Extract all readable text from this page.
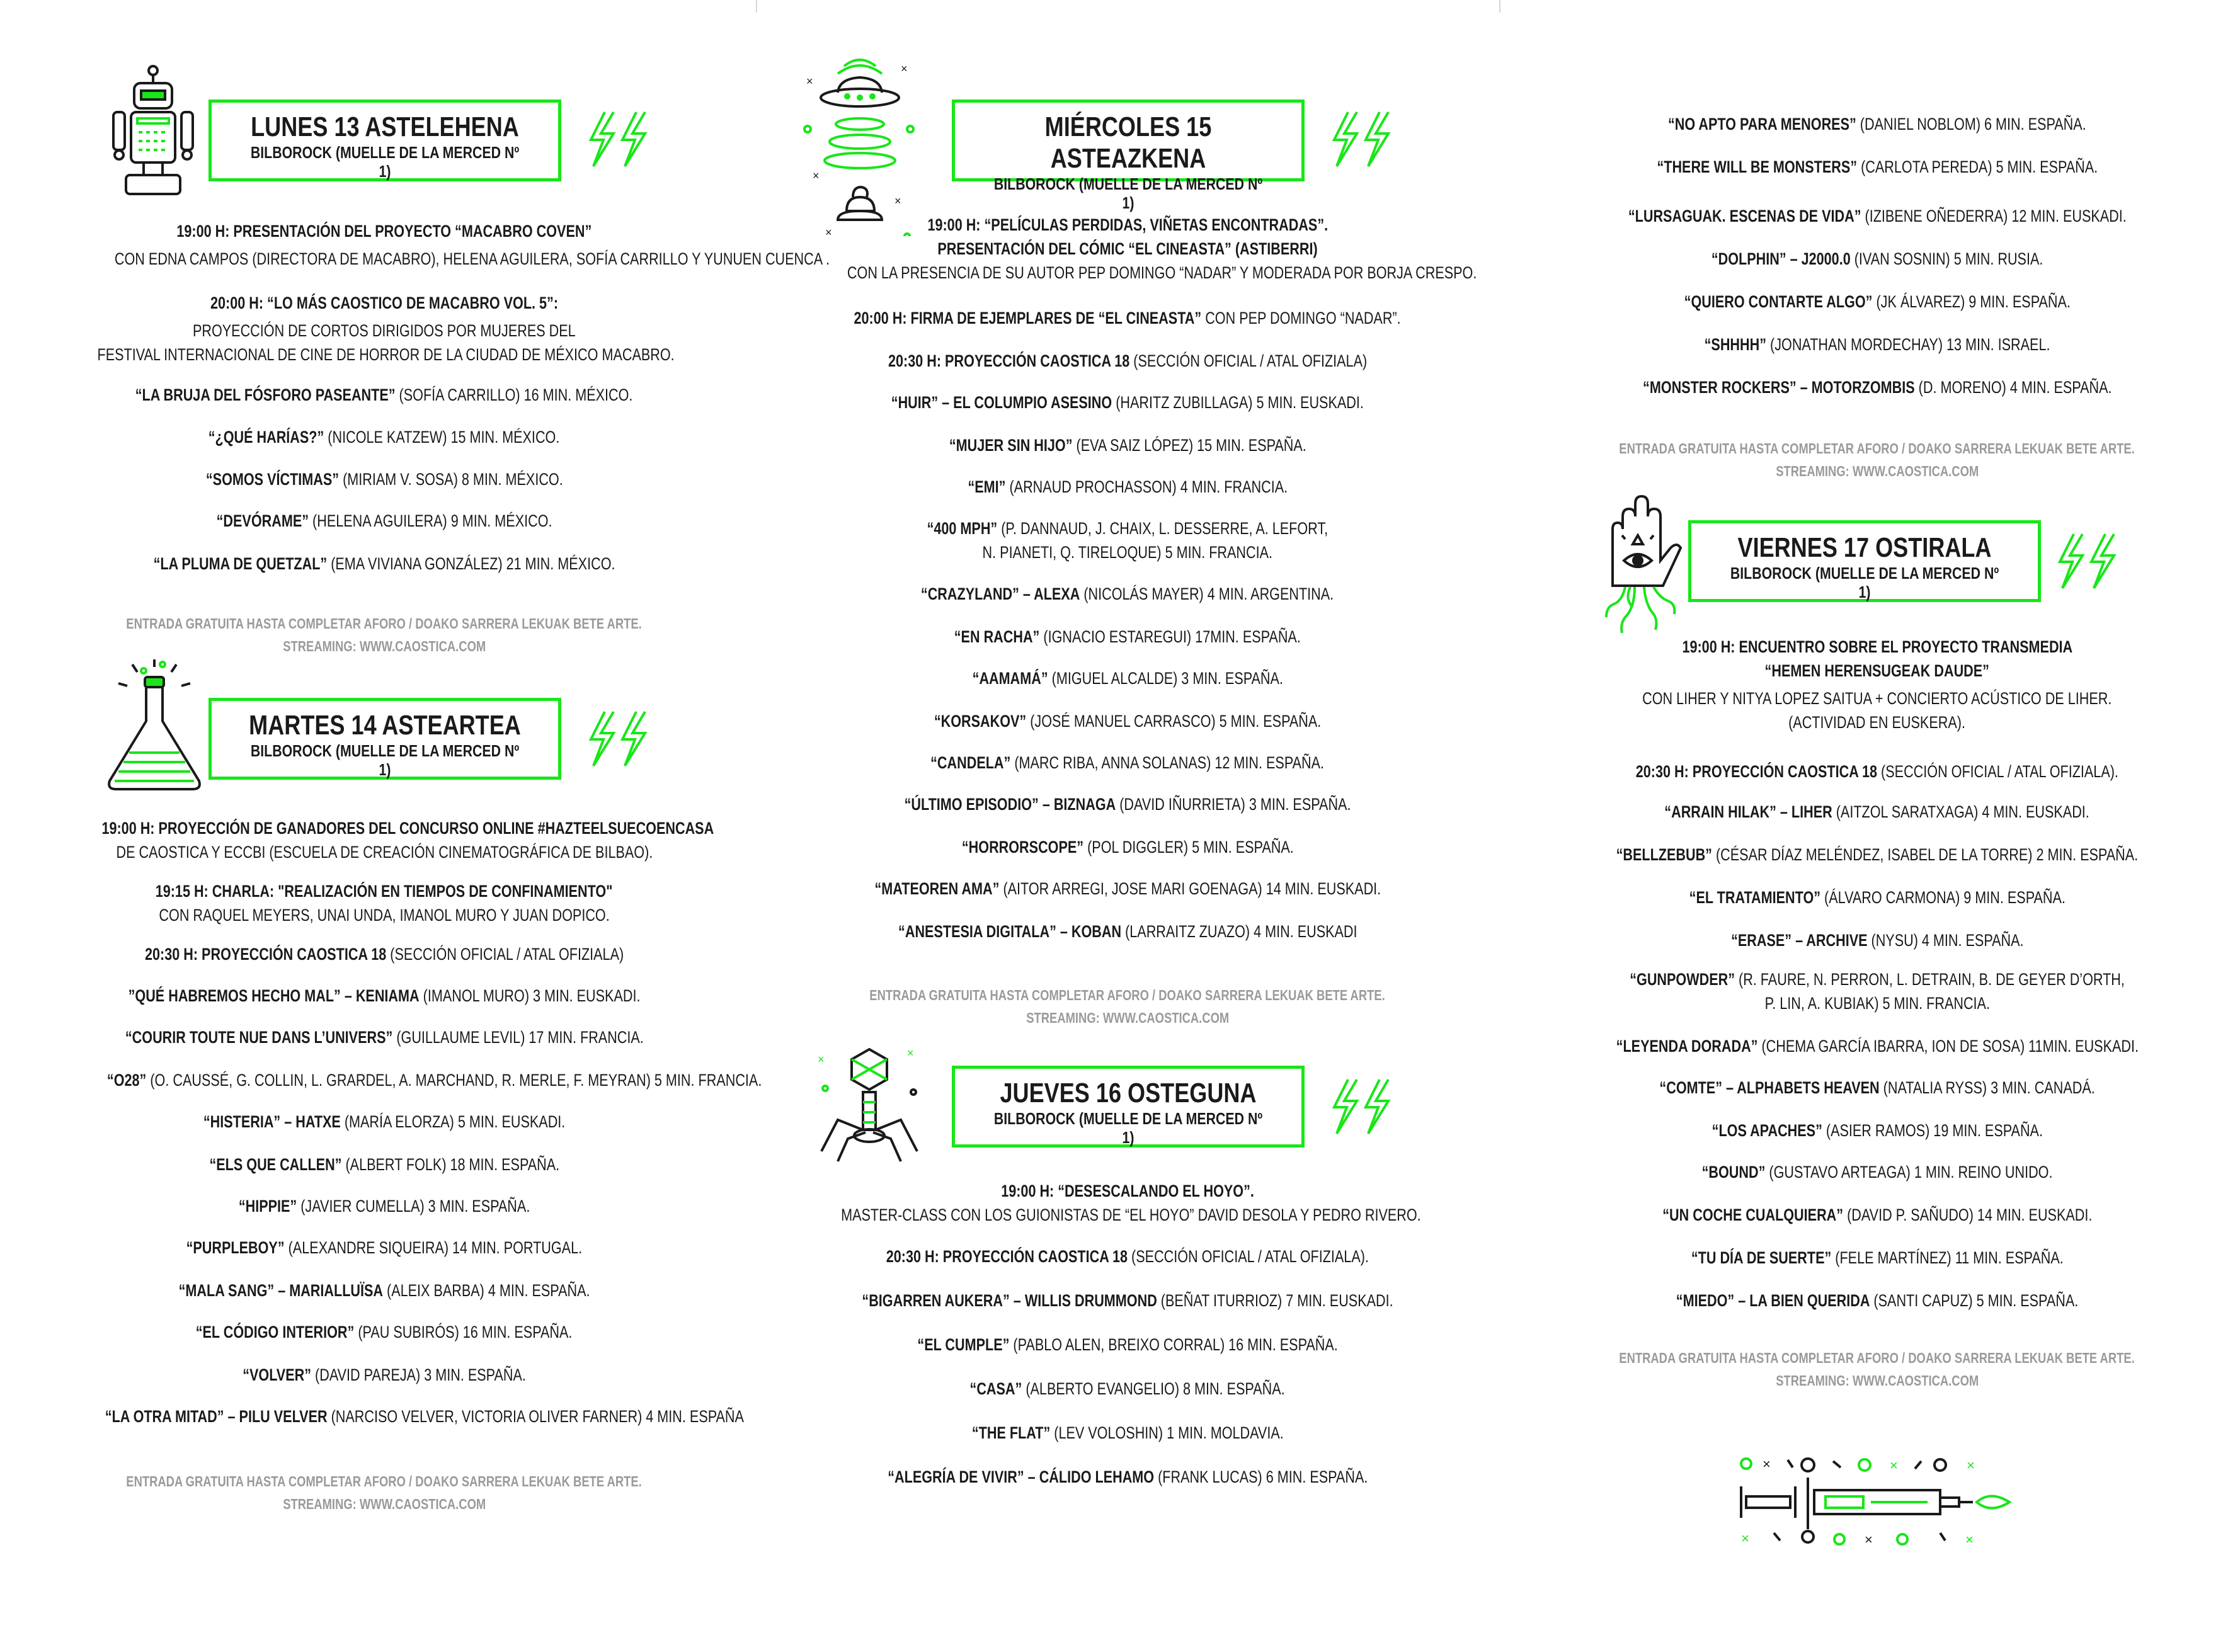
LUNES 13 ASTELEHENA
BILBOROCK (MUELLE DE LA MERCED Nº 1)
19:00 H: PRESENTACIÓN DEL PROYECTO “MACABRO COVEN”
CON EDNA CAMPOS (DIRECTORA DE MACABRO), HELENA AGUILERA, SOFÍA CARRILLO Y YUNUEN CUENCA .
20:00 H: “LO MÁS CAOSTICO DE MACABRO VOL. 5”:
PROYECCIÓN DE CORTOS DIRIGIDOS POR MUJERES DEL
FESTIVAL INTERNACIONAL DE CINE DE HORROR DE LA CIUDAD DE MÉXICO MACABRO.
“LA BRUJA DEL FÓSFORO PASEANTE” (SOFÍA CARRILLO) 16 MIN. MÉXICO.
“¿QUÉ HARÍAS?” (NICOLE KATZEW) 15 MIN. MÉXICO.
“SOMOS VÍCTIMAS” (MIRIAM V. SOSA) 8 MIN. MÉXICO.
“DEVÓRAME” (HELENA AGUILERA) 9 MIN. MÉXICO.
“LA PLUMA DE QUETZAL” (EMA VIVIANA GONZÁLEZ) 21 MIN. MÉXICO.
ENTRADA GRATUITA HASTA COMPLETAR AFORO / DOAKO SARRERA LEKUAK BETE ARTE.
STREAMING: WWW.CAOSTICA.COM
MARTES 14 ASTEARTEA
BILBOROCK (MUELLE DE LA MERCED Nº 1)
19:00 H: PROYECCIÓN DE GANADORES DEL CONCURSO ONLINE #HAZTEELSUECOENCASA
DE CAOSTICA Y ECCBI (ESCUELA DE CREACIÓN CINEMATOGRÁFICA DE BILBAO).
19:15 H: CHARLA: "REALIZACIÓN EN TIEMPOS DE CONFINAMIENTO"
CON RAQUEL MEYERS, UNAI UNDA, IMANOL MURO Y JUAN DOPICO.
20:30 H: PROYECCIÓN CAOSTICA 18 (SECCIÓN OFICIAL / ATAL OFIZIALA)
”QUÉ HABREMOS HECHO MAL” – KENIAMA (IMANOL MURO) 3 MIN. EUSKADI.
“COURIR TOUTE NUE DANS L’UNIVERS” (GUILLAUME LEVIL) 17 MIN. FRANCIA.
“O28” (O. CAUSSÉ, G. COLLIN, L. GRARDEL, A. MARCHAND, R. MERLE, F. MEYRAN) 5 MIN. FRANCIA.
“HISTERIA” – HATXE (MARÍA ELORZA) 5 MIN. EUSKADI.
“ELS QUE CALLEN” (ALBERT FOLK) 18 MIN. ESPAÑA.
“HIPPIE” (JAVIER CUMELLA) 3 MIN. ESPAÑA.
“PURPLEBOY” (ALEXANDRE SIQUEIRA) 14 MIN. PORTUGAL.
“MALA SANG” – MARIALLUÏSA (ALEIX BARBA) 4 MIN. ESPAÑA.
“EL CÓDIGO INTERIOR” (PAU SUBIRÓS) 16 MIN. ESPAÑA.
“VOLVER” (DAVID PAREJA) 3 MIN. ESPAÑA.
“LA OTRA MITAD” – PILU VELVER (NARCISO VELVER, VICTORIA OLIVER FARNER) 4 MIN. ESPAÑA
ENTRADA GRATUITA HASTA COMPLETAR AFORO / DOAKO SARRERA LEKUAK BETE ARTE.
STREAMING: WWW.CAOSTICA.COM
×
×
×
×
×
MIÉRCOLES 15 ASTEAZKENA
BILBOROCK (MUELLE DE LA MERCED Nº 1)
19:00 H: “PELÍCULAS PERDIDAS, VIÑETAS ENCONTRADAS”.
PRESENTACIÓN DEL CÓMIC “EL CINEASTA” (ASTIBERRI)
CON LA PRESENCIA DE SU AUTOR PEP DOMINGO “NADAR” Y MODERADA POR BORJA CRESPO.
20:00 H: FIRMA DE EJEMPLARES DE “EL CINEASTA” CON PEP DOMINGO “NADAR”.
20:30 H: PROYECCIÓN CAOSTICA 18 (SECCIÓN OFICIAL / ATAL OFIZIALA)
“HUIR” – EL COLUMPIO ASESINO (HARITZ ZUBILLAGA) 5 MIN. EUSKADI.
“MUJER SIN HIJO” (EVA SAIZ LÓPEZ) 15 MIN. ESPAÑA.
“EMI” (ARNAUD PROCHASSON) 4 MIN. FRANCIA.
“400 MPH” (P. DANNAUD, J. CHAIX, L. DESSERRE, A. LEFORT,
N. PIANETI, Q. TIRELOQUE) 5 MIN. FRANCIA.
“CRAZYLAND” – ALEXA (NICOLÁS MAYER) 4 MIN. ARGENTINA.
“EN RACHA” (IGNACIO ESTAREGUI) 17MIN. ESPAÑA.
“AAMAMÁ” (MIGUEL ALCALDE) 3 MIN. ESPAÑA.
“KORSAKOV” (JOSÉ MANUEL CARRASCO) 5 MIN. ESPAÑA.
“CANDELA” (MARC RIBA, ANNA SOLANAS) 12 MIN. ESPAÑA.
“ÚLTIMO EPISODIO” – BIZNAGA (DAVID IÑURRIETA) 3 MIN. ESPAÑA.
“HORRORSCOPE” (POL DIGGLER) 5 MIN. ESPAÑA.
“MATEOREN AMA” (AITOR ARREGI, JOSE MARI GOENAGA) 14 MIN. EUSKADI.
“ANESTESIA DIGITALA” – KOBAN (LARRAITZ ZUAZO) 4 MIN. EUSKADI
ENTRADA GRATUITA HASTA COMPLETAR AFORO / DOAKO SARRERA LEKUAK BETE ARTE.
STREAMING: WWW.CAOSTICA.COM
×	×
JUEVES 16 OSTEGUNA
BILBOROCK (MUELLE DE LA MERCED Nº 1)
19:00 H: “DESESCALANDO EL HOYO”.
MASTER-CLASS CON LOS GUIONISTAS DE “EL HOYO” DAVID DESOLA Y PEDRO RIVERO.
20:30 H: PROYECCIÓN CAOSTICA 18 (SECCIÓN OFICIAL / ATAL OFIZIALA).
“BIGARREN AUKERA” – WILLIS DRUMMOND (BEÑAT ITURRIOZ) 7 MIN. EUSKADI.
“EL CUMPLE” (PABLO ALEN, BREIXO CORRAL) 16 MIN. ESPAÑA.
“CASA” (ALBERTO EVANGELIO) 8 MIN. ESPAÑA.
“THE FLAT” (LEV VOLOSHIN) 1 MIN. MOLDAVIA.
“ALEGRÍA DE VIVIR” – CÁLIDO LEHAMO (FRANK LUCAS) 6 MIN. ESPAÑA.
“NO APTO PARA MENORES” (DANIEL NOBLOM) 6 MIN. ESPAÑA.
“THERE WILL BE MONSTERS” (CARLOTA PEREDA) 5 MIN. ESPAÑA.
“LURSAGUAK. ESCENAS DE VIDA” (IZIBENE OÑEDERRA) 12 MIN. EUSKADI.
“DOLPHIN” – J2000.0 (IVAN SOSNIN) 5 MIN. RUSIA.
“QUIERO CONTARTE ALGO” (JK ÁLVAREZ) 9 MIN. ESPAÑA.
“SHHHH” (JONATHAN MORDECHAY) 13 MIN. ISRAEL.
“MONSTER ROCKERS” – MOTORZOMBIS (D. MORENO) 4 MIN. ESPAÑA.
ENTRADA GRATUITA HASTA COMPLETAR AFORO / DOAKO SARRERA LEKUAK BETE ARTE.
STREAMING: WWW.CAOSTICA.COM
VIERNES 17 OSTIRALA
BILBOROCK (MUELLE DE LA MERCED Nº 1)
19:00 H: ENCUENTRO SOBRE EL PROYECTO TRANSMEDIA
“HEMEN HERENSUGEAK DAUDE”
CON LIHER Y NITYA LOPEZ SAITUA + CONCIERTO ACÚSTICO DE LIHER.
(ACTIVIDAD EN EUSKERA).
20:30 H: PROYECCIÓN CAOSTICA 18 (SECCIÓN OFICIAL / ATAL OFIZIALA).
“ARRAIN HILAK” – LIHER (AITZOL SARATXAGA) 4 MIN. EUSKADI.
“BELLZEBUB” (CÉSAR DÍAZ MELÉNDEZ, ISABEL DE LA TORRE) 2 MIN. ESPAÑA.
“EL TRATAMIENTO” (ÁLVARO CARMONA) 9 MIN. ESPAÑA.
“ERASE” – ARCHIVE (NYSU) 4 MIN. ESPAÑA.
“GUNPOWDER” (R. FAURE, N. PERRON, L. DETRAIN, B. DE GEYER D’ORTH,
P. LIN, A. KUBIAK) 5 MIN. FRANCIA.
“LEYENDA DORADA” (CHEMA GARCÍA IBARRA, ION DE SOSA) 11MIN. EUSKADI.
“COMTE” – ALPHABETS HEAVEN (NATALIA RYSS) 3 MIN. CANADÁ.
“LOS APACHES” (ASIER RAMOS) 19 MIN. ESPAÑA.
“BOUND” (GUSTAVO ARTEAGA) 1 MIN. REINO UNIDO.
“UN COCHE CUALQUIERA” (DAVID P. SAÑUDO) 14 MIN. EUSKADI.
“TU DÍA DE SUERTE” (FELE MARTÍNEZ) 11 MIN. ESPAÑA.
“MIEDO” – LA BIEN QUERIDA (SANTI CAPUZ) 5 MIN. ESPAÑA.
ENTRADA GRATUITA HASTA COMPLETAR AFORO / DOAKO SARRERA LEKUAK BETE ARTE.
STREAMING: WWW.CAOSTICA.COM
×	×	×
×	×	×
